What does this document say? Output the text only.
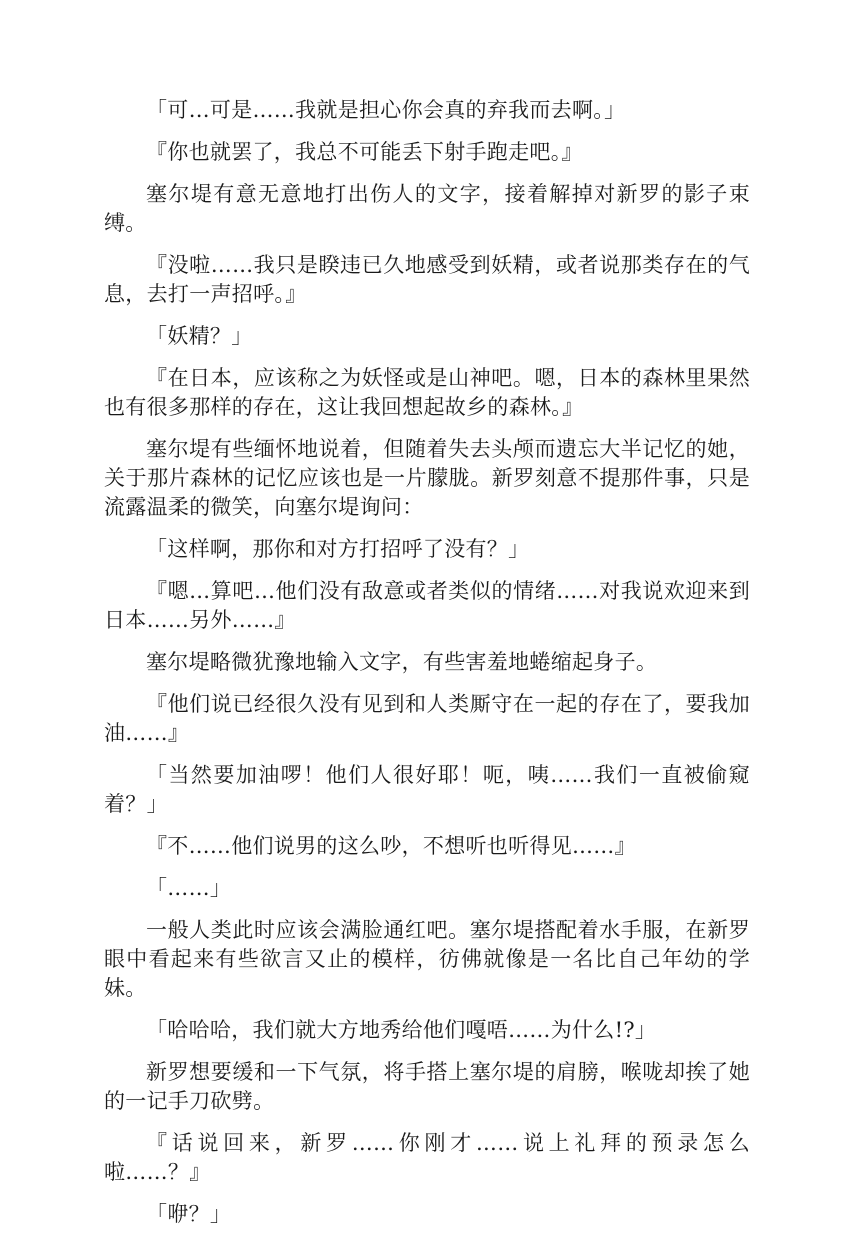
「可…可是……我就是担心你会真的弃我而去啊。」

『你也就罢了，我总不可能丢下射手跑走吧。』

塞尔堤有意无意地打出伤人的文字，接着解掉对新罗的影子束缚。

『没啦……我只是睽违已久地感受到妖精，或者说那类存在的气息，去打一声招呼。』

「妖精？」

『在日本，应该称之为妖怪或是山神吧。嗯，日本的森林里果然也有很多那样的存在，这让我回想起故乡的森林。』

塞尔堤有些缅怀地说着，但随着失去头颅而遗忘大半记忆的她，关于那片森林的记忆应该也是一片朦胧。新罗刻意不提那件事，只是流露温柔的微笑，向塞尔堤询问：

「这样啊，那你和对方打招呼了没有？」

『嗯…算吧…他们没有敌意或者类似的情绪……对我说欢迎来到日本……另外……』

塞尔堤略微犹豫地输入文字，有些害羞地蜷缩起身子。

『他们说已经很久没有见到和人类厮守在一起的存在了，要我加油……』

「当然要加油啰！他们人很好耶！呃，咦……我们一直被偷窥着？」

『不……他们说男的这么吵，不想听也听得见……』

「……」

一般人类此时应该会满脸通红吧。塞尔堤搭配着水手服，在新罗眼中看起来有些欲言又止的模样，彷佛就像是一名比自己年幼的学妹。

「哈哈哈，我们就大方地秀给他们嘎唔……为什么!?」

新罗想要缓和一下气氛，将手搭上塞尔堤的肩膀，喉咙却挨了她的一记手刀砍劈。

『话说回来，新罗……你刚才……说上礼拜的预录怎么啦……？』

「咿？」
